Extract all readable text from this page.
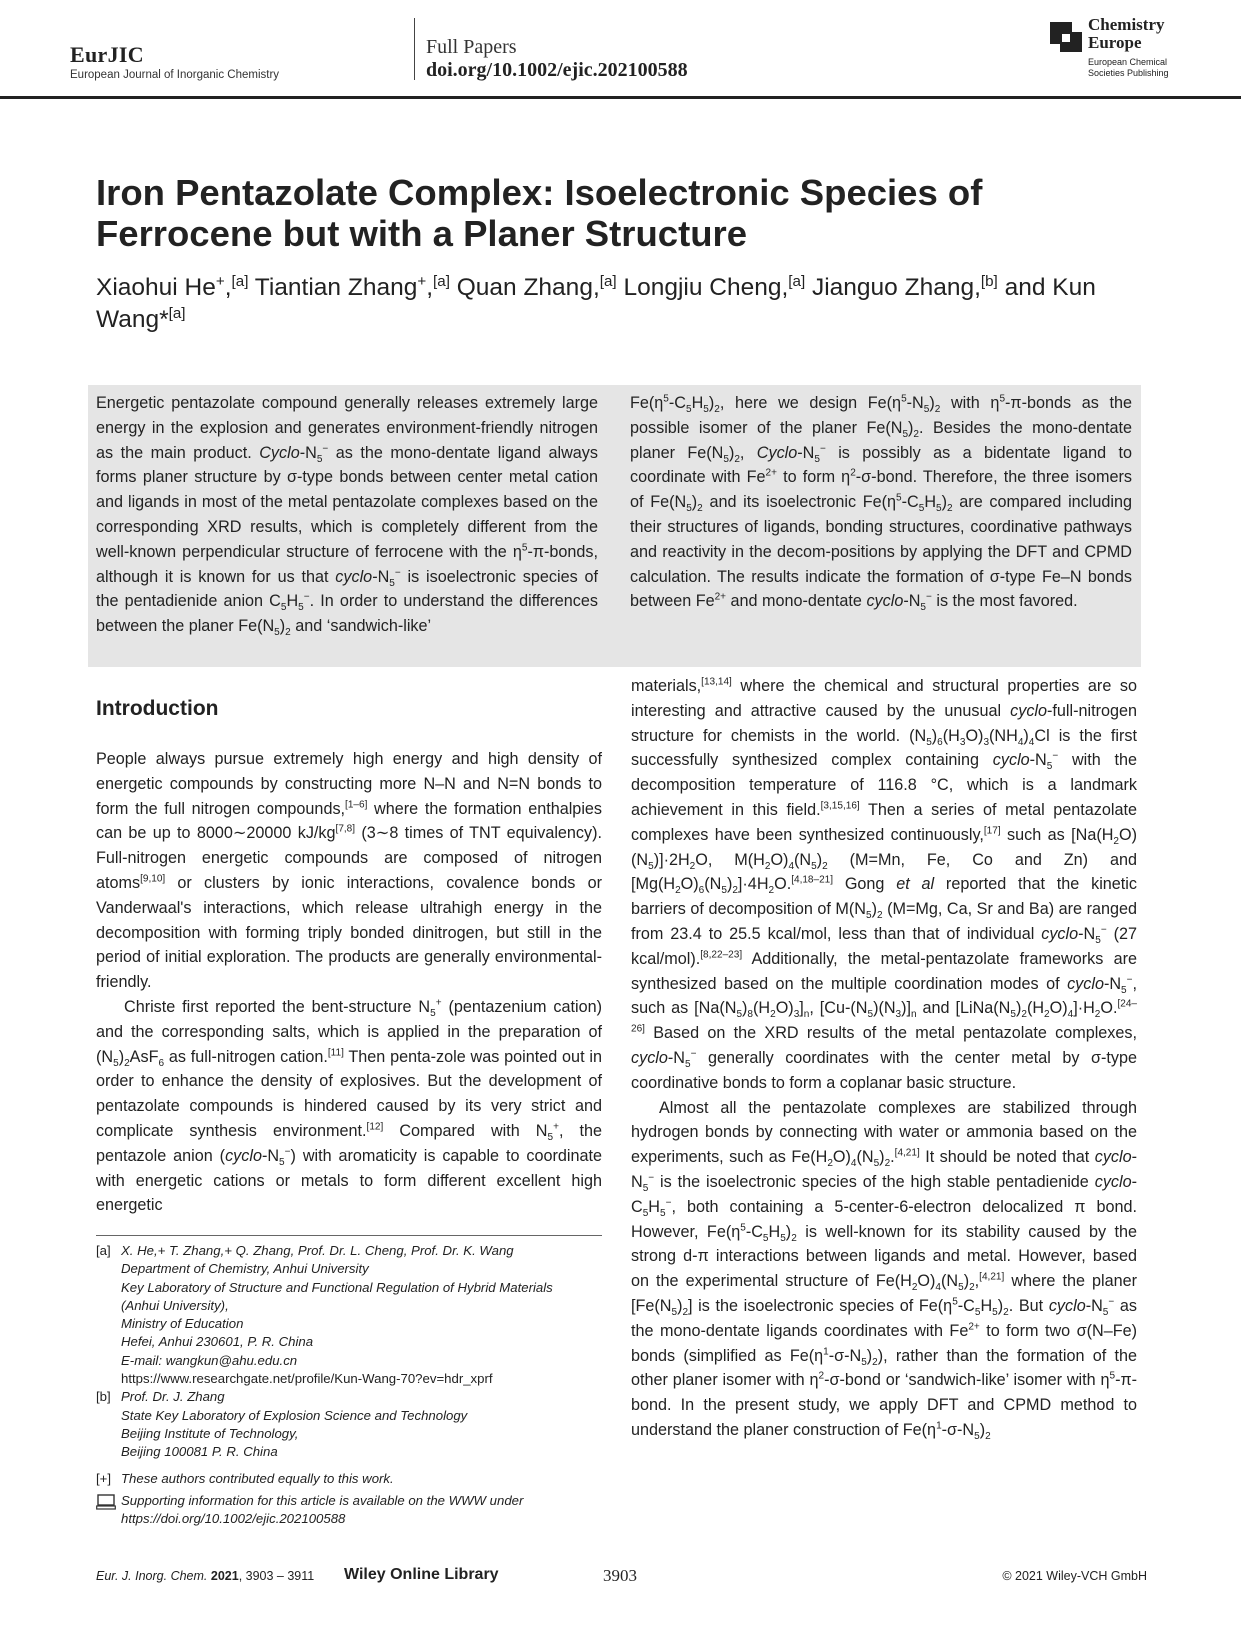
EurJIC
European Journal of Inorganic Chemistry
Full Papers
doi.org/10.1002/ejic.202100588
Chemistry
Europe
European Chemical
Societies Publishing
Iron Pentazolate Complex: Isoelectronic Species of
Ferrocene but with a Planer Structure

Xiaohui He+,[a] Tiantian Zhang+,[a] Quan Zhang,[a] Longjiu Cheng,[a] Jianguo Zhang,[b] and Kun Wang*[a]

Energetic pentazolate compound generally releases extremely large energy in the explosion and generates environment-friendly nitrogen as the main product. Cyclo-$N_5^-$ as the mono-dentate ligand always forms planer structure by σ-type bonds between center metal cation and ligands in most of the metal pentazolate complexes based on the corresponding XRD results, which is completely different from the well-known perpendicular structure of ferrocene with the $\eta^5-\pi$-bonds, although it is known for us that cyclo-$N_5^-$ is isoelectronic species of the pentadienide anion $C_5H_5^-$. In order to understand the differences between the planer $Fe(N_5)_2$ and ‘sandwich-like’

$Fe(\eta^5-C_5H_5)_2$, here we design $Fe(\eta^5-N_5)_2$ with $\eta^5-\pi$-bonds as the possible isomer of the planer $Fe(N_5)_2$. Besides the mono-dentate planer $Fe(N_5)_2$, Cyclo-$N_5^-$ is possibly as a bidentate ligand to coordinate with $Fe^{2+}$ to form $\eta^2-\sigma$-bond. Therefore, the three isomers of $Fe(N_5)_2$ and its isoelectronic $Fe(\eta^5-C_5H_5)_2$ are compared including their structures of ligands, bonding structures, coordinative pathways and reactivity in the decom-positions by applying the DFT and CPMD calculation. The results indicate the formation of σ-type Fe–N bonds between $Fe^{2+}$ and mono-dentate cyclo-$N_5^-$ is the most favored.

Introduction

People always pursue extremely high energy and high density of energetic compounds by constructing more N–N and N=N bonds to form the full nitrogen compounds,[1–6] where the formation enthalpies can be up to 8000∼20000 kJ/kg[7,8] (3∼8 times of TNT equivalency). Full-nitrogen energetic compounds are composed of nitrogen atoms[9,10] or clusters by ionic interactions, covalence bonds or Vanderwaal's interactions, which release ultrahigh energy in the decomposition with forming triply bonded dinitrogen, but still in the period of initial exploration. The products are generally environmental-friendly.

Christe first reported the bent-structure $N_5^+$ (pentazenium cation) and the corresponding salts, which is applied in the preparation of $(N_5)_2AsF_6$ as full-nitrogen cation.[11] Then penta-zole was pointed out in order to enhance the density of explosives. But the development of pentazolate compounds is hindered caused by its very strict and complicate synthesis environment.[12] Compared with $N_5^+$, the pentazole anion $(cyclo-N_5^-)$ with aromaticity is capable to coordinate with energetic cations or metals to form different excellent high energetic

[a] X. He,+ T. Zhang,+ Q. Zhang, Prof. Dr. L. Cheng, Prof. Dr. K. Wang
Department of Chemistry, Anhui University
Key Laboratory of Structure and Functional Regulation of Hybrid Materials
(Anhui University),
Ministry of Education
Hefei, Anhui 230601, P. R. China
E-mail: wangkun@ahu.edu.cn
https://www.researchgate.net/profile/Kun-Wang-70?ev=hdr_xprf
[b] Prof. Dr. J. Zhang
State Key Laboratory of Explosion Science and Technology
Beijing Institute of Technology,
Beijing 100081 P. R. China
[+] These authors contributed equally to this work.
Supporting information for this article is available on the WWW under
https://doi.org/10.1002/ejic.202100588

materials,[13,14] where the chemical and structural properties are so interesting and attractive caused by the unusual cyclo-full-nitrogen structure for chemists in the world. $(N_5)_6(H_3O)_3(NH_4)_4Cl$ is the first successfully synthesized complex containing cyclo-$N_5^-$ with the decomposition temperature of 116.8 °C, which is a landmark achievement in this field.[3,15,16] Then a series of metal pentazolate complexes have been synthesized continuously,[17] such as $[Na(H_2O)(N_5)]\cdot 2H_2O$, $M(H_2O)_4(N_5)_2$ (M=Mn, Fe, Co and Zn) and $[Mg(H_2O)_6(N_5)_2]\cdot 4H_2O.[4,18-21]$ Gong et al reported that the kinetic barriers of decomposition of $M(N_5)_2$ (M=Mg, Ca, Sr and Ba) are ranged from 23.4 to 25.5 kcal/mol, less than that of individual cyclo-$N_5^-$ (27 kcal/mol).[8,22–23] Additionally, the metal-pentazolate frameworks are synthesized based on the multiple coordination modes of cyclo-$N_5^-$, such as $[Na(N_5)_8(H_2O)_3]_n$, $[Cu-(N_5)(N_3)]_n$ and $[LiNa(N_5)_2(H_2O)_4]\cdot H_2O.[24-26]$ Based on the XRD results of the metal pentazolate complexes, cyclo-$N_5^-$ generally coordinates with the center metal by σ-type coordinative bonds to form a coplanar basic structure.

Almost all the pentazolate complexes are stabilized through hydrogen bonds by connecting with water or ammonia based on the experiments, such as $Fe(H_2O)_4(N_5)_2.[4,21]$ It should be noted that cyclo-$N_5^-$ is the isoelectronic species of the high stable pentadienide cyclo-$C_5H_5^-$, both containing a 5-center-6-electron delocalized π bond. However, $Fe(\eta^5-C_5H_5)_2$ is well-known for its stability caused by the strong d-π interactions between ligands and metal. However, based on the experimental structure of $Fe(H_2O)_4(N_5)_2,[4,21]$ where the planer $[Fe(N_5)_2]$ is the isoelectronic species of $Fe(\eta^5-C_5H_5)_2$. But cyclo-$N_5^-$ as the mono-dentate ligands coordinates with $Fe^{2+}$ to form two σ(N–Fe) bonds (simplified as $Fe(\eta^1-\sigma-N_5)_2$), rather than the formation of the other planer isomer with $\eta^2-\sigma$-bond or ‘sandwich-like’ isomer with $\eta^5-\pi$-bond. In the present study, we apply DFT and CPMD method to understand the planer construction of $Fe(\eta^1-\sigma-N_5)_2$

Eur. J. Inorg. Chem. 2021, 3903 – 3911 Wiley Online Library	3903	© 2021 Wiley-VCH GmbH
